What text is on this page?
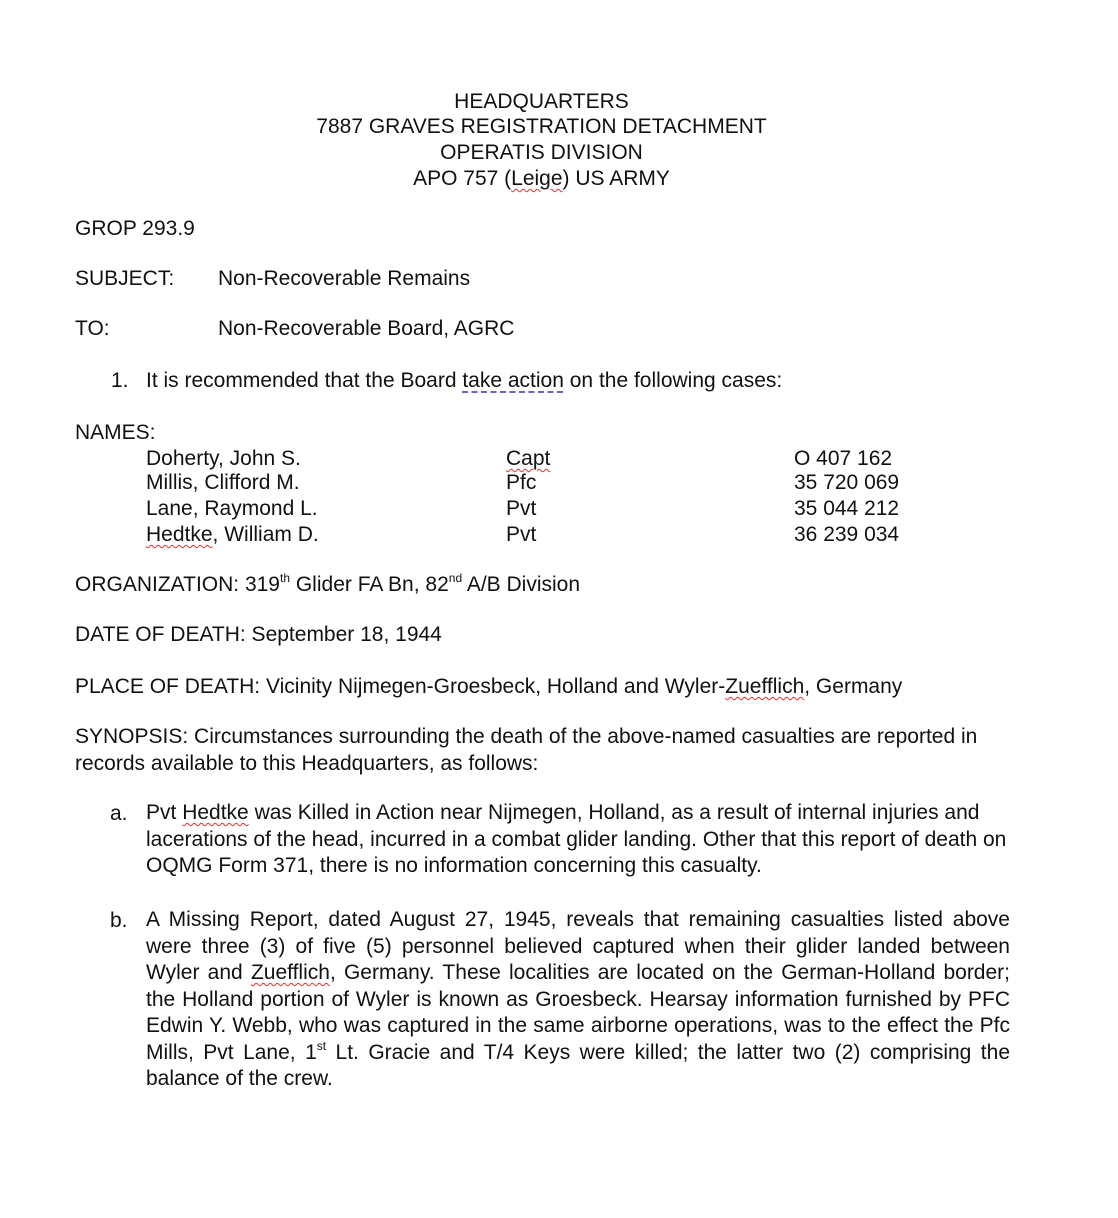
HEADQUARTERS
7887 GRAVES REGISTRATION DETACHMENT
OPERATIS DIVISION
APO 757 (Leige) US ARMY
GROP 293.9
SUBJECT: Non-Recoverable Remains
TO:	Non-Recoverable Board, AGRC
1. It is recommended that the Board take action on the following cases:
NAMES:
Doherty, John S.	Capt	O 407 162
Millis, Clifford M.	Pfc	35 720 069
Lane, Raymond L.	Pvt	35 044 212
Hedtke, William D.	Pvt	36 239 034
ORGANIZATION: 319th Glider FA Bn, 82nd A/B Division
DATE OF DEATH: September 18, 1944
PLACE OF DEATH: Vicinity Nijmegen-Groesbeck, Holland and Wyler-Zuefflich, Germany
SYNOPSIS: Circumstances surrounding the death of the above-named casualties are reported in records available to this Headquarters, as follows:
a. Pvt Hedtke was Killed in Action near Nijmegen, Holland, as a result of internal injuries and lacerations of the head, incurred in a combat glider landing. Other that this report of death on OQMG Form 371, there is no information concerning this casualty.
b. A Missing Report, dated August 27, 1945, reveals that remaining casualties listed above were three (3) of five (5) personnel believed captured when their glider landed between Wyler and Zuefflich, Germany. These localities are located on the German-Holland border; the Holland portion of Wyler is known as Groesbeck. Hearsay information furnished by PFC Edwin Y. Webb, who was captured in the same airborne operations, was to the effect the Pfc Mills, Pvt Lane, 1st Lt. Gracie and T/4 Keys were killed; the latter two (2) comprising the balance of the crew.
